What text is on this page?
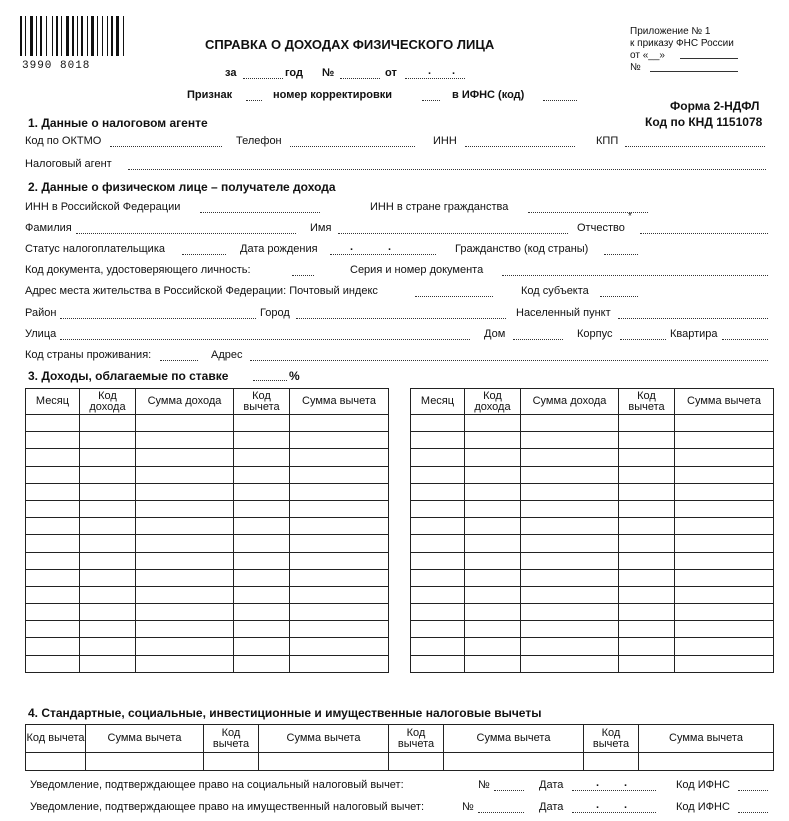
3990 8018
СПРАВКА О ДОХОДАХ ФИЗИЧЕСКОГО ЛИЦА
за	год №	от	. .
Признак	номер корректировки	в ИФНС (код)
Приложение № 1
к приказу ФНС России
от «__»
№
Форма 2-НДФЛ
Код по КНД 1151078
1. Данные о налоговом агенте
Код по ОКТМО	Телефон	ИНН	КПП
Налоговый агент
2. Данные о физическом лице – получателе дохода
ИНН в Российской Федерации	ИНН в стране гражданства
Фамилия	Имя	Отчество
*
Статус налогоплательщика	Дата рождения	.	.	Гражданство (код страны)
Код документа, удостоверяющего личность:	Серия и номер документа
Адрес места жительства в Российской Федерации: Почтовый индекс	Код субъекта
Район	Город	Населенный пункт
Улица	Дом	Корпус	Квартира
Код страны проживания:	Адрес
3. Доходы, облагаемые по ставке	%
Месяц	Код дохода	Сумма дохода	Код вычета	Сумма вычета

					Месяц	Код дохода	Сумма дохода	Код вычета	Сумма вычета

4. Стандартные, социальные, инвестиционные и имущественные налоговые вычеты
Код вычета	Сумма вычета	Код вычета	Сумма вычета	Код вычета	Сумма вычета	Код вычета	Сумма вычета

Уведомление, подтверждающее право на социальный налоговый вычет:	№	Дата	. .	Код ИФНС
Уведомление, подтверждающее право на имущественный налоговый вычет:	№	Дата	. .	Код ИФНС
